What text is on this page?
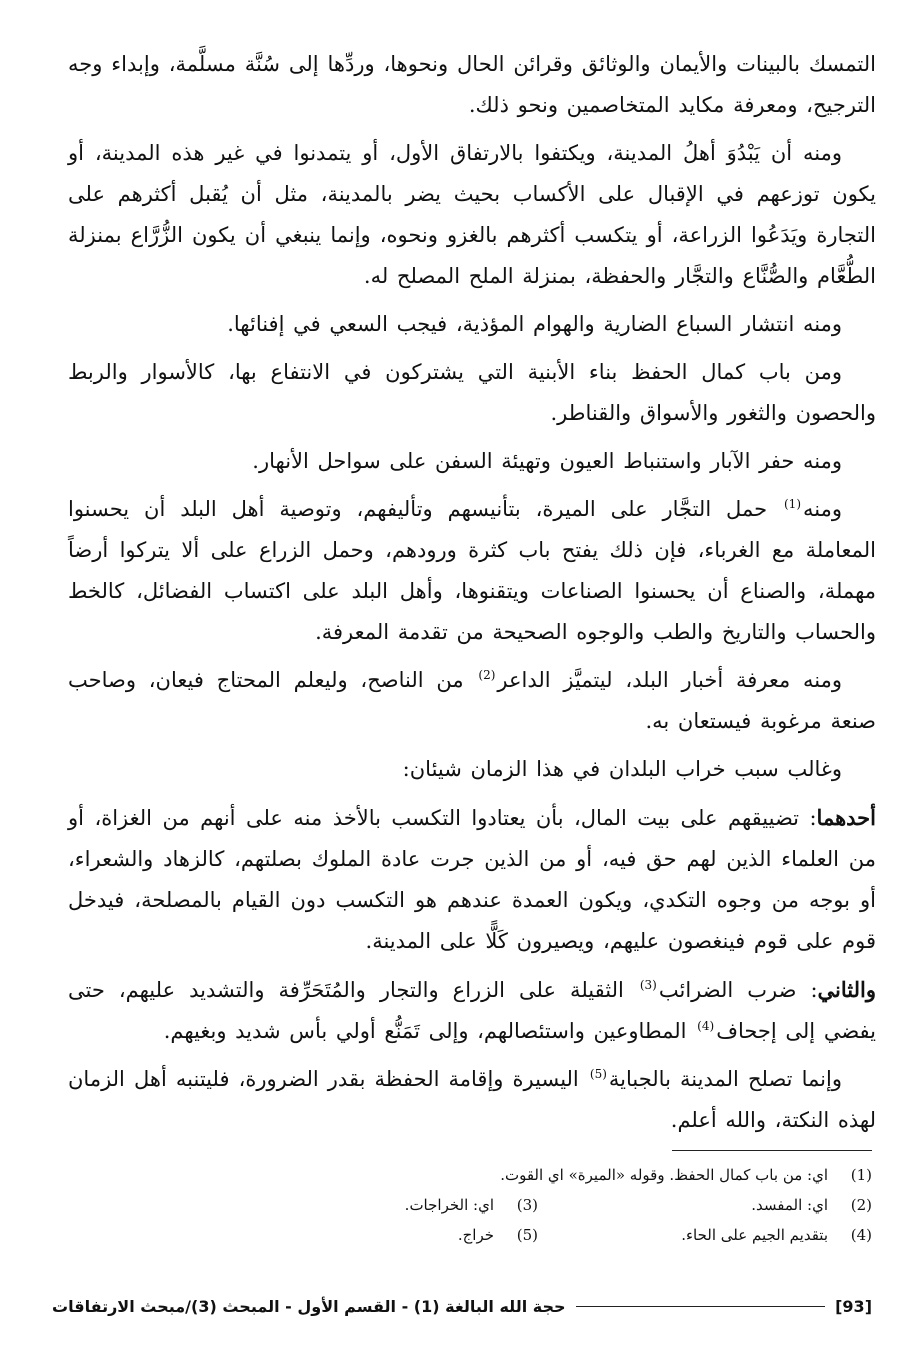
التمسك بالبينات والأيمان والوثائق وقرائن الحال ونحوها، وردِّها إلى سُنَّة مسلَّمة، وإبداء وجه الترجيح، ومعرفة مكايد المتخاصمين ونحو ذلك.

ومنه أن يَبْدُوَ أهلُ المدينة، ويكتفوا بالارتفاق الأول، أو يتمدنوا في غير هذه المدينة، أو يكون توزعهم في الإقبال على الأكساب بحيث يضر بالمدينة، مثل أن يُقبل أكثرهم على التجارة ويَدَعُوا الزراعة، أو يتكسب أكثرهم بالغزو ونحوه، وإنما ينبغي أن يكون الزُّرَّاع بمنزلة الطُّعَّام والصُّنَّاع والتجَّار والحفظة، بمنزلة الملح المصلح له.

ومنه انتشار السباع الضارية والهوام المؤذية، فيجب السعي في إفنائها.

ومن باب كمال الحفظ بناء الأبنية التي يشتركون في الانتفاع بها، كالأسوار والربط والحصون والثغور والأسواق والقناطر.

ومنه حفر الآبار واستنباط العيون وتهيئة السفن على سواحل الأنهار.

ومنه$^{(1)}$ حمل التجَّار على الميرة، بتأنيسهم وتأليفهم، وتوصية أهل البلد أن يحسنوا المعاملة مع الغرباء، فإن ذلك يفتح باب كثرة ورودهم، وحمل الزراع على ألا يتركوا أرضاً مهملة، والصناع أن يحسنوا الصناعات ويتقنوها، وأهل البلد على اكتساب الفضائل، كالخط والحساب والتاريخ والطب والوجوه الصحيحة من تقدمة المعرفة.

ومنه معرفة أخبار البلد، ليتميَّز الداعر$^{(2)}$ من الناصح، وليعلم المحتاج فيعان، وصاحب صنعة مرغوبة فيستعان به.

وغالب سبب خراب البلدان في هذا الزمان شيئان:

أحدهما: تضييقهم على بيت المال، بأن يعتادوا التكسب بالأخذ منه على أنهم من الغزاة، أو من العلماء الذين لهم حق فيه، أو من الذين جرت عادة الملوك بصلتهم، كالزهاد والشعراء، أو بوجه من وجوه التكدي، ويكون العمدة عندهم هو التكسب دون القيام بالمصلحة، فيدخل قوم على قوم فينغصون عليهم، ويصيرون كَلًّا على المدينة.

والثاني: ضرب الضرائب$^{(3)}$ الثقيلة على الزراع والتجار والمُتَحَرِّفة والتشديد عليهم، حتى يفضي إلى إجحاف$^{(4)}$ المطاوعين واستئصالهم، وإلى تَمَنُّع أولي بأس شديد وبغيهم.

وإنما تصلح المدينة بالجباية$^{(5)}$ اليسيرة وإقامة الحفظة بقدر الضرورة، فليتنبه أهل الزمان لهذه النكتة، والله أعلم.

(1)
اي: من باب كمال الحفظ. وقوله «الميرة» اي القوت.
(2)
اي: المفسد.
(3)
اي: الخراجات.
(4)
بتقديم الجيم على الحاء.
(5)
خراج.
[93]
حجة الله البالغة (1) - القسم الأول - المبحث (3)/مبحث الارتفاقات
